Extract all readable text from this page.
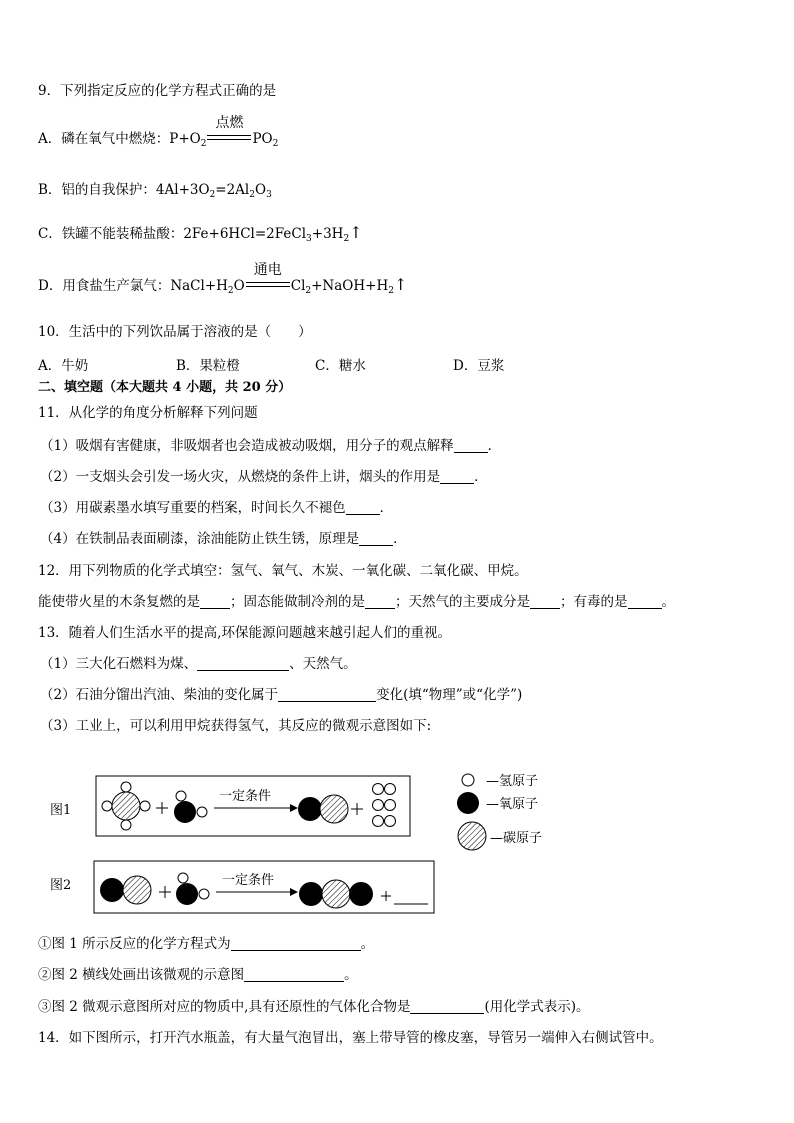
9．下列指定反应的化学方程式正确的是
A．磷在氧气中燃烧：$P+O_2$
点燃
$PO_2$
B．铝的自我保护：$4Al+3O_2=2Al_2O_3$
C．铁罐不能装稀盐酸：$2Fe+6HCl=2FeCl_3+3H_2↑$
D．用食盐生产氯气：$NaCl+H_2O$
通电
$Cl_2+NaOH+H_2↑$
10．生活中的下列饮品属于溶液的是（　　）
A．牛奶	B．果粒橙	C．糖水	D．豆浆
二、填空题（本大题共 4 小题，共 20 分）
11．从化学的角度分析解释下列问题
（1）吸烟有害健康，非吸烟者也会造成被动吸烟，用分子的观点解释	．
（2）一支烟头会引发一场火灾，从燃烧的条件上讲，烟头的作用是	．
（3）用碳素墨水填写重要的档案，时间长久不褪色	．
（4）在铁制品表面刷漆，涂油能防止铁生锈，原理是	．
12．用下列物质的化学式填空：氢气、氧气、木炭、一氧化碳、二氧化碳、甲烷。
能使带火星的木条复燃的是 ；固态能做制冷剂的是 ；天然气的主要成分是 ；有毒的是	。
13．随着人们生活水平的提高,环保能源问题越来越引起人们的重视。
（1）三大化石燃料为煤、	、天然气。
（2）石油分馏出汽油、柴油的变化属于	变化(填“物理”或“化学”)
（3）工业上，可以利用甲烷获得氢气，其反应的微观示意图如下:
图1
一定条件
—氢原子
—氧原子
—碳原子
图2	一定条件
①图 1 所示反应的化学方程式为	。
②图 2 横线处画出该微观的示意图	。
③图 2 微观示意图所对应的物质中,具有还原性的气体化合物是	(用化学式表示)。
14．如下图所示，打开汽水瓶盖，有大量气泡冒出，塞上带导管的橡皮塞，导管另一端伸入右侧试管中。
